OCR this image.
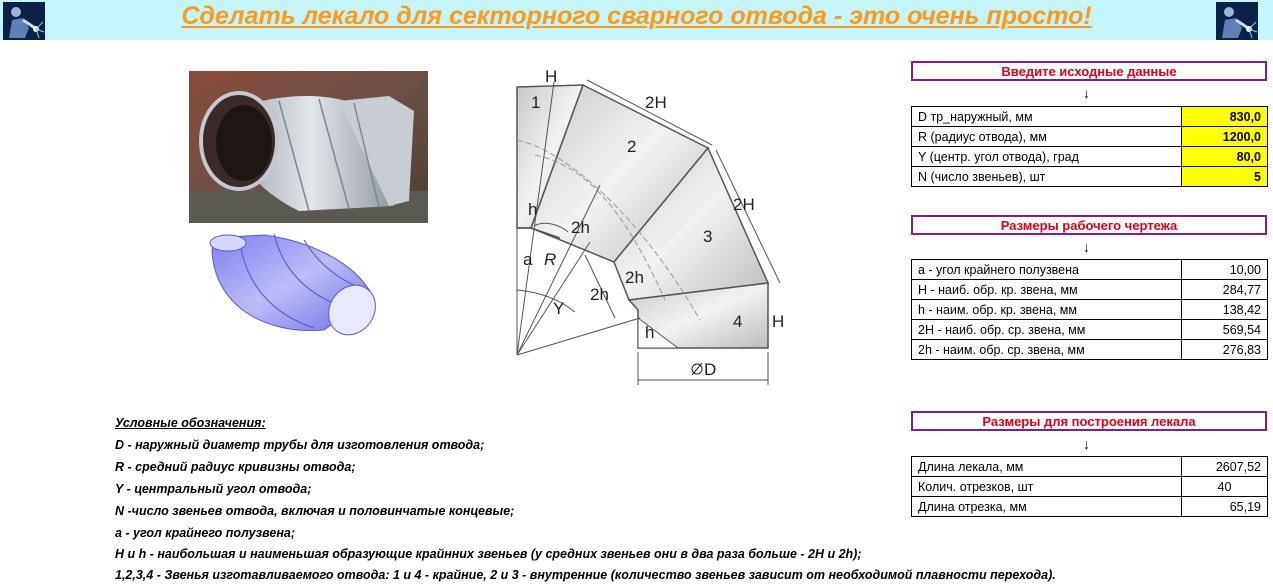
Сделать лекало для секторного сварного отвода - это очень просто!
H
1	2H
2
2H
3
h
2h
a R
2h
2h
Y
h
4 H
D
Введите исходные данные
↓
D тр_наружный, мм	830,0
R (радиус отвода), мм	1200,0
Y (центр. угол отвода), град	80,0
N (число звеньев), шт	5
Размеры рабочего чертежа
↓
a - угол крайнего полузвена	10,00
H - наиб. обр. кр. звена, мм	284,77
h - наим. обр. кр. звена, мм	138,42
2H - наиб. обр. ср. звена, мм	569,54
2h - наим. обр. ср. звена, мм	276,83
Размеры для построения лекала
↓
Длина лекала, мм	2607,52
Колич. отрезков, шт	40
Длина отрезка, мм	65,19
Условные обозначения:
D - наружный диаметр трубы для изготовления отвода;
R - средний радиус кривизны отвода;
Y - центральный угол отвода;
N -число звеньев отвода, включая и половинчатые концевые;
a - угол крайнего полузвена;
H и h - наибольшая и наименьшая образующие крайнних звеньев (у средних звеньев они в два раза больше - 2H и 2h);
1,2,3,4 - Звенья изготавливаемого отвода: 1 и 4 - крайние, 2 и 3 - внутренние (количество звеньев зависит от необходимой плавности перехода).
